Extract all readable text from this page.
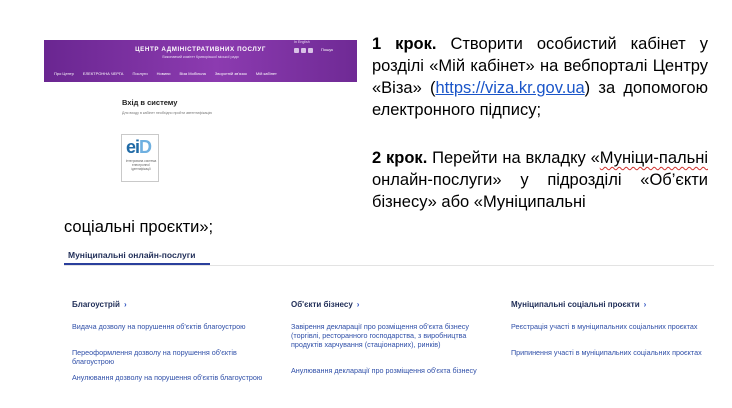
ЦЕНТР АДМІНІСТРАТИВНИХ ПОСЛУГ
Виконавчий комітет Криворізької міської ради
In English
Пошук
Про Центр ЕЛЕКТРОННА ЧЕРГА Послуги Новини Віза Мобільна Зворотній зв'язок Мій кабінет
Вхід в систему
Для входу в кабінет необхідно пройти автентифікацію
eiD
Інтегрована система електронної ідентифікації
1 крок. Створити особистий кабінет у розділі «Мій кабінет» на вебпорталі Центру «Віза» (https://viza.kr.gov.ua) за допомогою електронного підпису;
2 крок. Перейти на вкладку «Муніци-пальні онлайн-послуги» у підрозділі «Об’єкти бізнесу» або «Муніципальні
соціальні проєкти»;
Муніципальні онлайн-послуги
Благоустрій ›
Видача дозволу на порушення об'єктів благоустрою
Переоформлення дозволу на порушення об'єктів благоустрою
Анулювання дозволу на порушення об'єктів благоустрою
Об'єкти бізнесу ›
Завірення декларації про розміщення об'єкта бізнесу (торгівлі, ресторанного господарства, з виробництва продуктів харчування (стаціонарних), ринків)
Анулювання декларації про розміщення об'єкта бізнесу
Муніципальні соціальні проєкти ›
Реєстрація участі в муніципальних соціальних проєктах
Припинення участі в муніципальних соціальних проєктах
